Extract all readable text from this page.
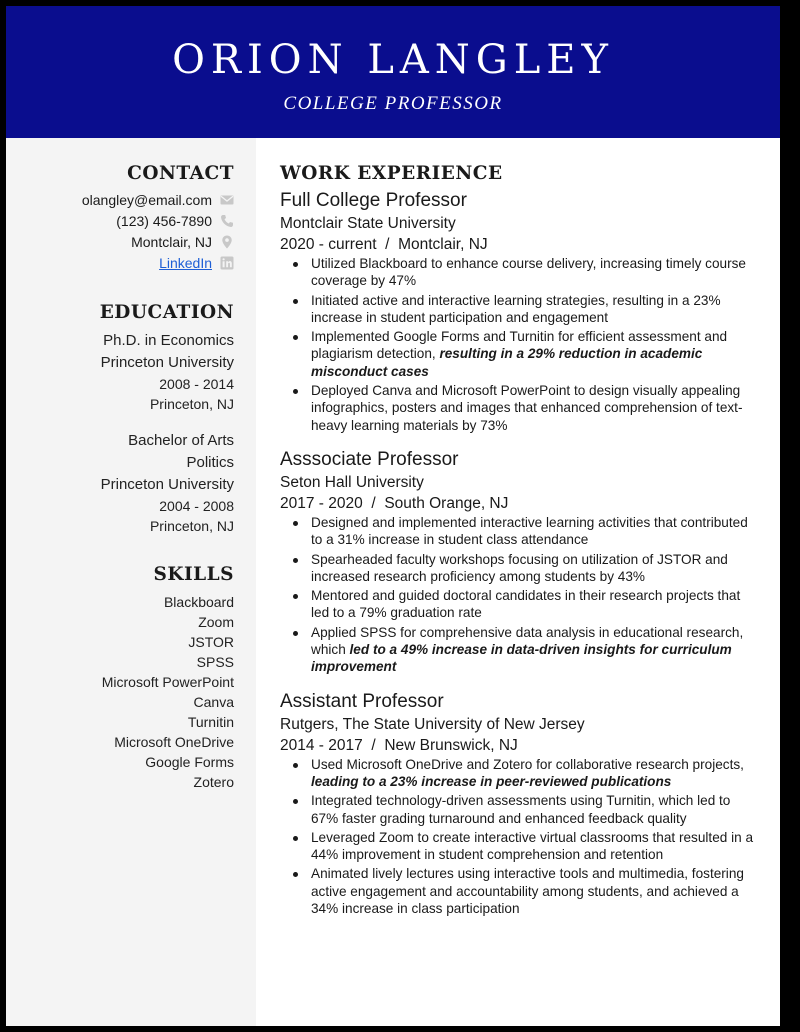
ORION LANGLEY
COLLEGE PROFESSOR
CONTACT
olangley@email.com
(123) 456-7890
Montclair, NJ
LinkedIn
EDUCATION
Ph.D. in Economics
Princeton University
2008 - 2014
Princeton, NJ
Bachelor of Arts
Politics
Princeton University
2004 - 2008
Princeton, NJ
SKILLS
Blackboard
Zoom
JSTOR
SPSS
Microsoft PowerPoint
Canva
Turnitin
Microsoft OneDrive
Google Forms
Zotero
WORK EXPERIENCE
Full College Professor
Montclair State University
2020 - current / Montclair, NJ
Utilized Blackboard to enhance course delivery, increasing timely course coverage by 47%
Initiated active and interactive learning strategies, resulting in a 23% increase in student participation and engagement
Implemented Google Forms and Turnitin for efficient assessment and plagiarism detection, resulting in a 29% reduction in academic misconduct cases
Deployed Canva and Microsoft PowerPoint to design visually appealing infographics, posters and images that enhanced comprehension of text-heavy learning materials by 73%
Asssociate Professor
Seton Hall University
2017 - 2020 / South Orange, NJ
Designed and implemented interactive learning activities that contributed to a 31% increase in student class attendance
Spearheaded faculty workshops focusing on utilization of JSTOR and increased research proficiency among students by 43%
Mentored and guided doctoral candidates in their research projects that led to a 79% graduation rate
Applied SPSS for comprehensive data analysis in educational research, which led to a 49% increase in data-driven insights for curriculum improvement
Assistant Professor
Rutgers, The State University of New Jersey
2014 - 2017 / New Brunswick, NJ
Used Microsoft OneDrive and Zotero for collaborative research projects, leading to a 23% increase in peer-reviewed publications
Integrated technology-driven assessments using Turnitin, which led to 67% faster grading turnaround and enhanced feedback quality
Leveraged Zoom to create interactive virtual classrooms that resulted in a 44% improvement in student comprehension and retention
Animated lively lectures using interactive tools and multimedia, fostering active engagement and accountability among students, and achieved a 34% increase in class participation
